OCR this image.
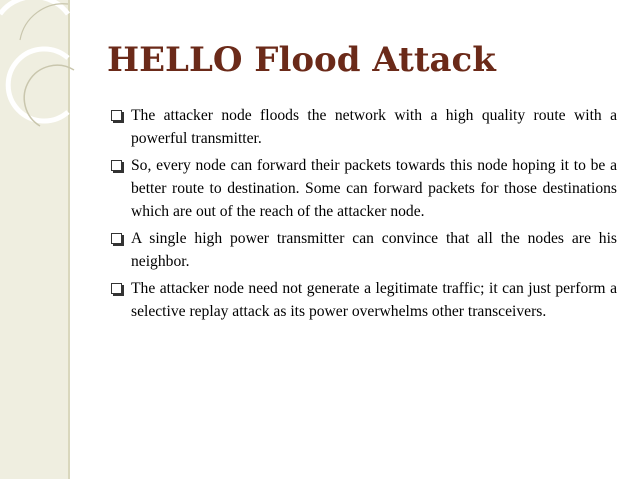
HELLO Flood Attack
The attacker node floods the network with a high quality route with a powerful transmitter.
So, every node can forward their packets towards this node hoping it to be a better route to destination. Some can forward packets for those destinations which are out of the reach of the attacker node.
A single high power transmitter can convince that all the nodes are his neighbor.
The attacker node need not generate a legitimate traffic; it can just perform a selective replay attack as its power overwhelms other transceivers.
